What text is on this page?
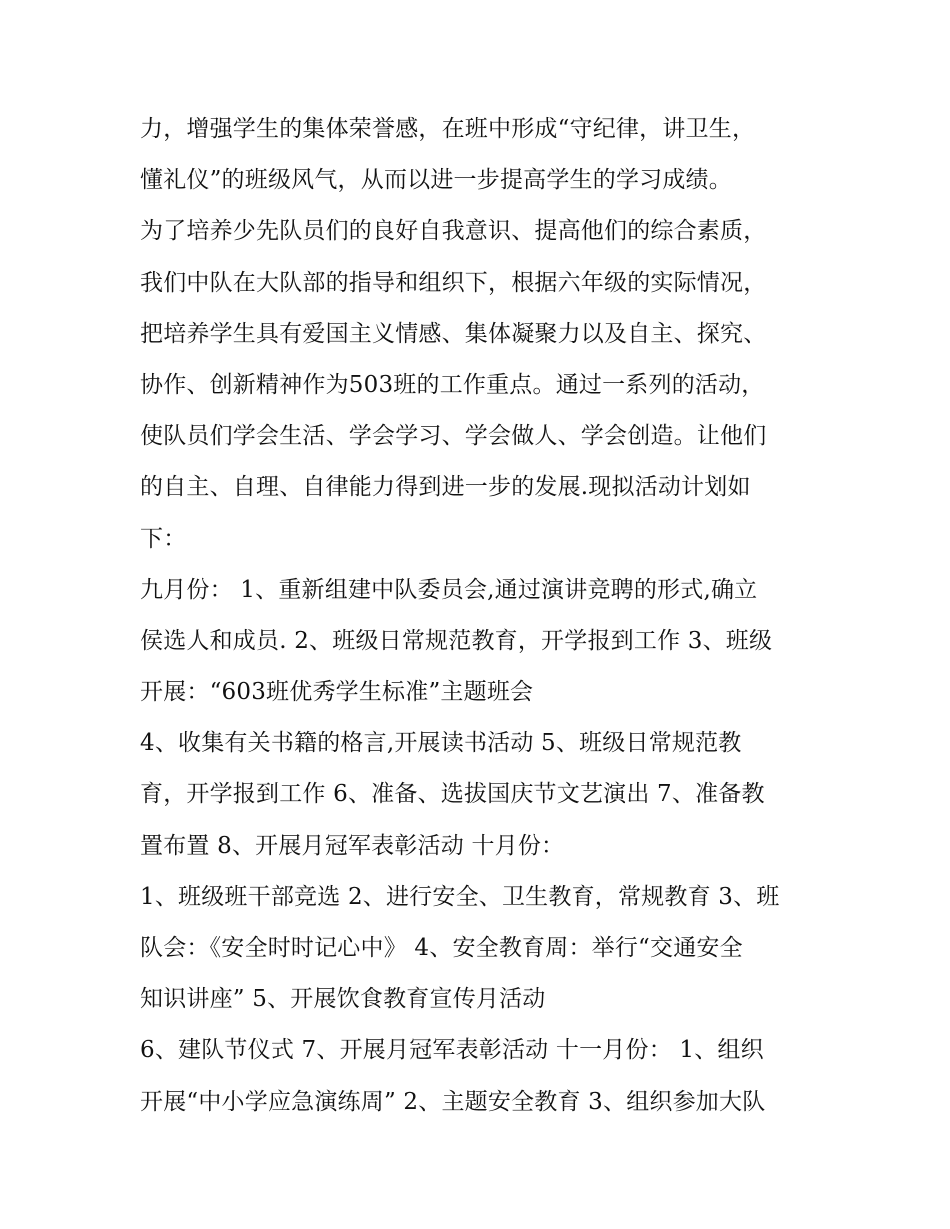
力，增强学生的集体荣誉感，在班中形成“守纪律，讲卫生，
懂礼仪”的班级风气，从而以进一步提高学生的学习成绩。
为了培养少先队员们的良好自我意识、提高他们的综合素质，
我们中队在大队部的指导和组织下，根据六年级的实际情况，
把培养学生具有爱国主义情感、集体凝聚力以及自主、探究、
协作、创新精神作为503班的工作重点。通过一系列的活动，
使队员们学会生活、学会学习、学会做人、学会创造。让他们
的自主、自理、自律能力得到进一步的发展.现拟活动计划如
下：
九月份： 1、重新组建中队委员会,通过演讲竞聘的形式,确立
侯选人和成员. 2、班级日常规范教育，开学报到工作 3、班级
开展：“603班优秀学生标准”主题班会
4、收集有关书籍的格言,开展读书活动 5、班级日常规范教
育，开学报到工作 6、准备、选拔国庆节文艺演出 7、准备教
置布置 8、开展月冠军表彰活动 十月份：
1、班级班干部竞选 2、进行安全、卫生教育，常规教育 3、班
队会：《安全时时记心中》 4、安全教育周：举行“交通安全
知识讲座” 5、开展饮食教育宣传月活动
6、建队节仪式 7、开展月冠军表彰活动 十一月份： 1、组织
开展“中小学应急演练周” 2、主题安全教育 3、组织参加大队
